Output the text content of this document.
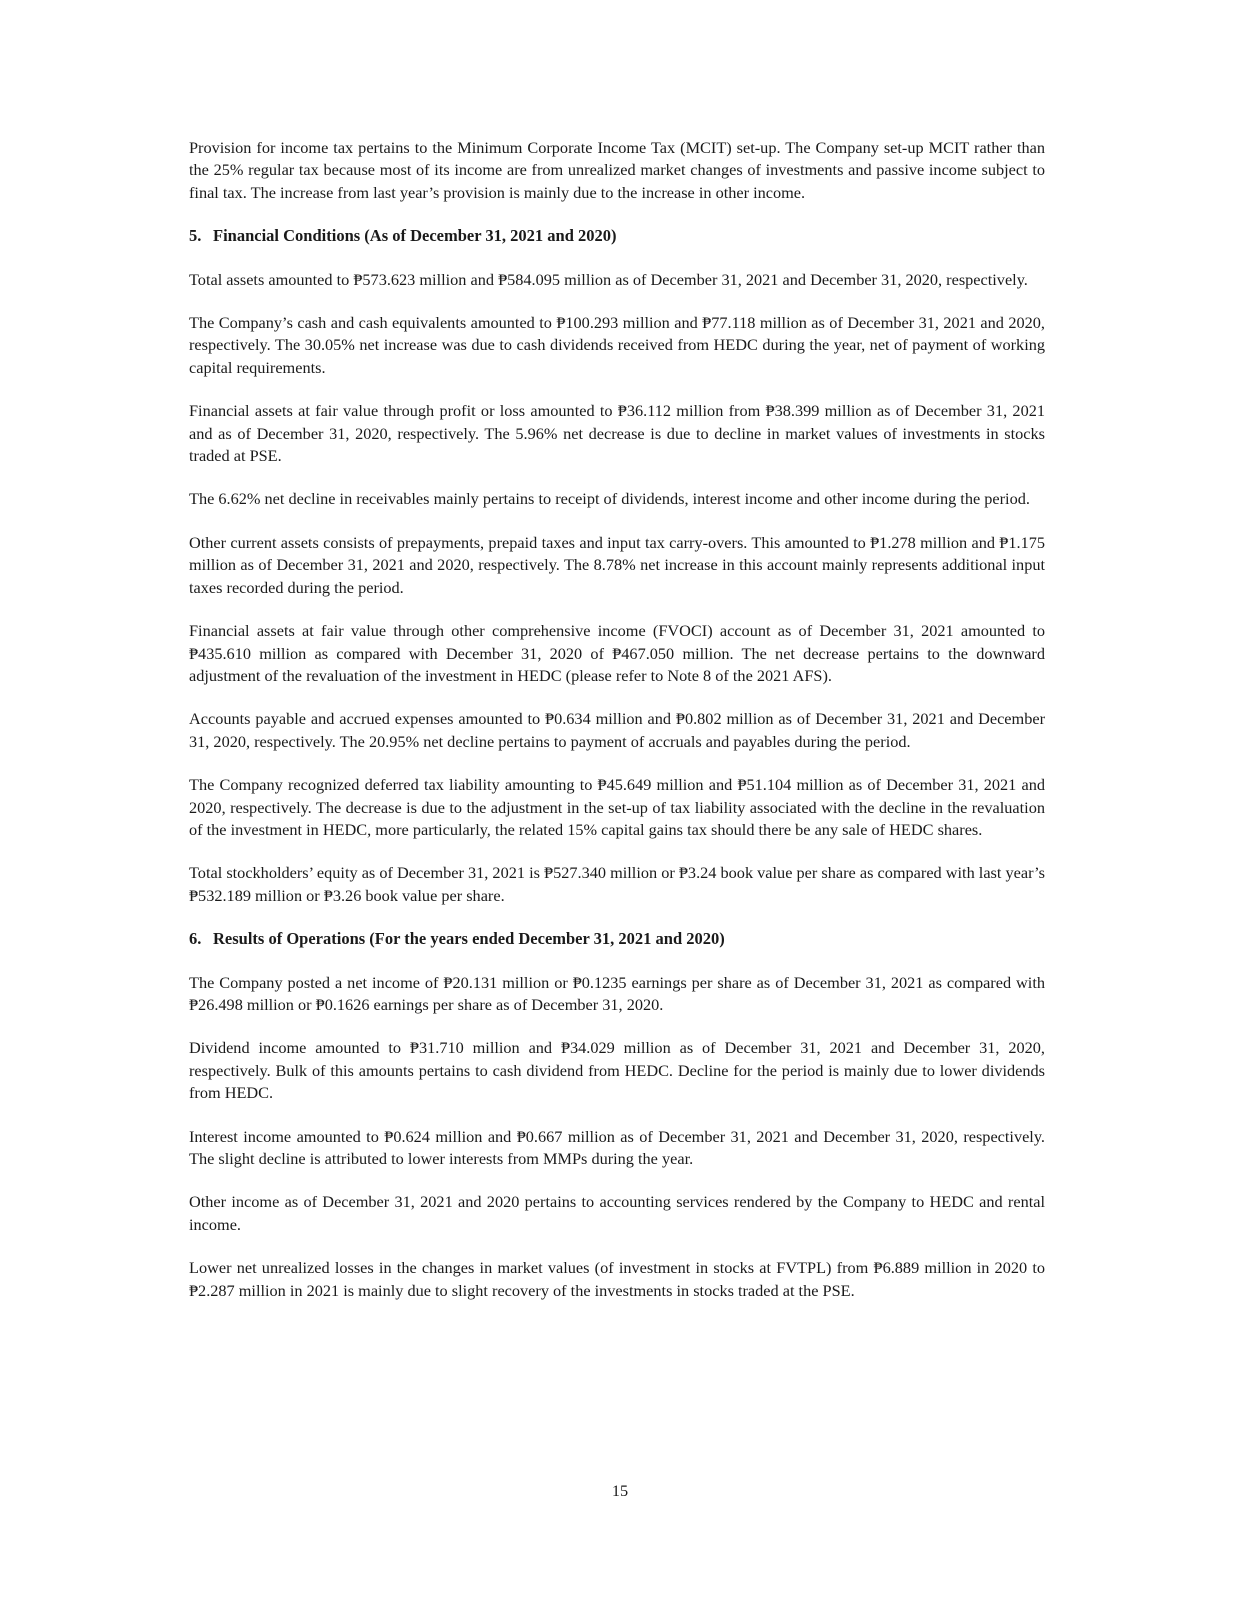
Provision for income tax pertains to the Minimum Corporate Income Tax (MCIT) set-up. The Company set-up MCIT rather than the 25% regular tax because most of its income are from unrealized market changes of investments and passive income subject to final tax. The increase from last year’s provision is mainly due to the increase in other income.

5. Financial Conditions (As of December 31, 2021 and 2020)

Total assets amounted to ₱573.623 million and ₱584.095 million as of December 31, 2021 and December 31, 2020, respectively.

The Company’s cash and cash equivalents amounted to ₱100.293 million and ₱77.118 million as of December 31, 2021 and 2020, respectively. The 30.05% net increase was due to cash dividends received from HEDC during the year, net of payment of working capital requirements.

Financial assets at fair value through profit or loss amounted to ₱36.112 million from ₱38.399 million as of December 31, 2021 and as of December 31, 2020, respectively. The 5.96% net decrease is due to decline in market values of investments in stocks traded at PSE.

The 6.62% net decline in receivables mainly pertains to receipt of dividends, interest income and other income during the period.

Other current assets consists of prepayments, prepaid taxes and input tax carry-overs. This amounted to ₱1.278 million and ₱1.175 million as of December 31, 2021 and 2020, respectively. The 8.78% net increase in this account mainly represents additional input taxes recorded during the period.

Financial assets at fair value through other comprehensive income (FVOCI) account as of December 31, 2021 amounted to ₱435.610 million as compared with December 31, 2020 of ₱467.050 million. The net decrease pertains to the downward adjustment of the revaluation of the investment in HEDC (please refer to Note 8 of the 2021 AFS).

Accounts payable and accrued expenses amounted to ₱0.634 million and ₱0.802 million as of December 31, 2021 and December 31, 2020, respectively. The 20.95% net decline pertains to payment of accruals and payables during the period.

The Company recognized deferred tax liability amounting to ₱45.649 million and ₱51.104 million as of December 31, 2021 and 2020, respectively. The decrease is due to the adjustment in the set-up of tax liability associated with the decline in the revaluation of the investment in HEDC, more particularly, the related 15% capital gains tax should there be any sale of HEDC shares.

Total stockholders’ equity as of December 31, 2021 is ₱527.340 million or ₱3.24 book value per share as compared with last year’s ₱532.189 million or ₱3.26 book value per share.

6. Results of Operations (For the years ended December 31, 2021 and 2020)

The Company posted a net income of ₱20.131 million or ₱0.1235 earnings per share as of December 31, 2021 as compared with ₱26.498 million or ₱0.1626 earnings per share as of December 31, 2020.

Dividend income amounted to ₱31.710 million and ₱34.029 million as of December 31, 2021 and December 31, 2020, respectively. Bulk of this amounts pertains to cash dividend from HEDC. Decline for the period is mainly due to lower dividends from HEDC.

Interest income amounted to ₱0.624 million and ₱0.667 million as of December 31, 2021 and December 31, 2020, respectively. The slight decline is attributed to lower interests from MMPs during the year.

Other income as of December 31, 2021 and 2020 pertains to accounting services rendered by the Company to HEDC and rental income.

Lower net unrealized losses in the changes in market values (of investment in stocks at FVTPL) from ₱6.889 million in 2020 to ₱2.287 million in 2021 is mainly due to slight recovery of the investments in stocks traded at the PSE.

15
